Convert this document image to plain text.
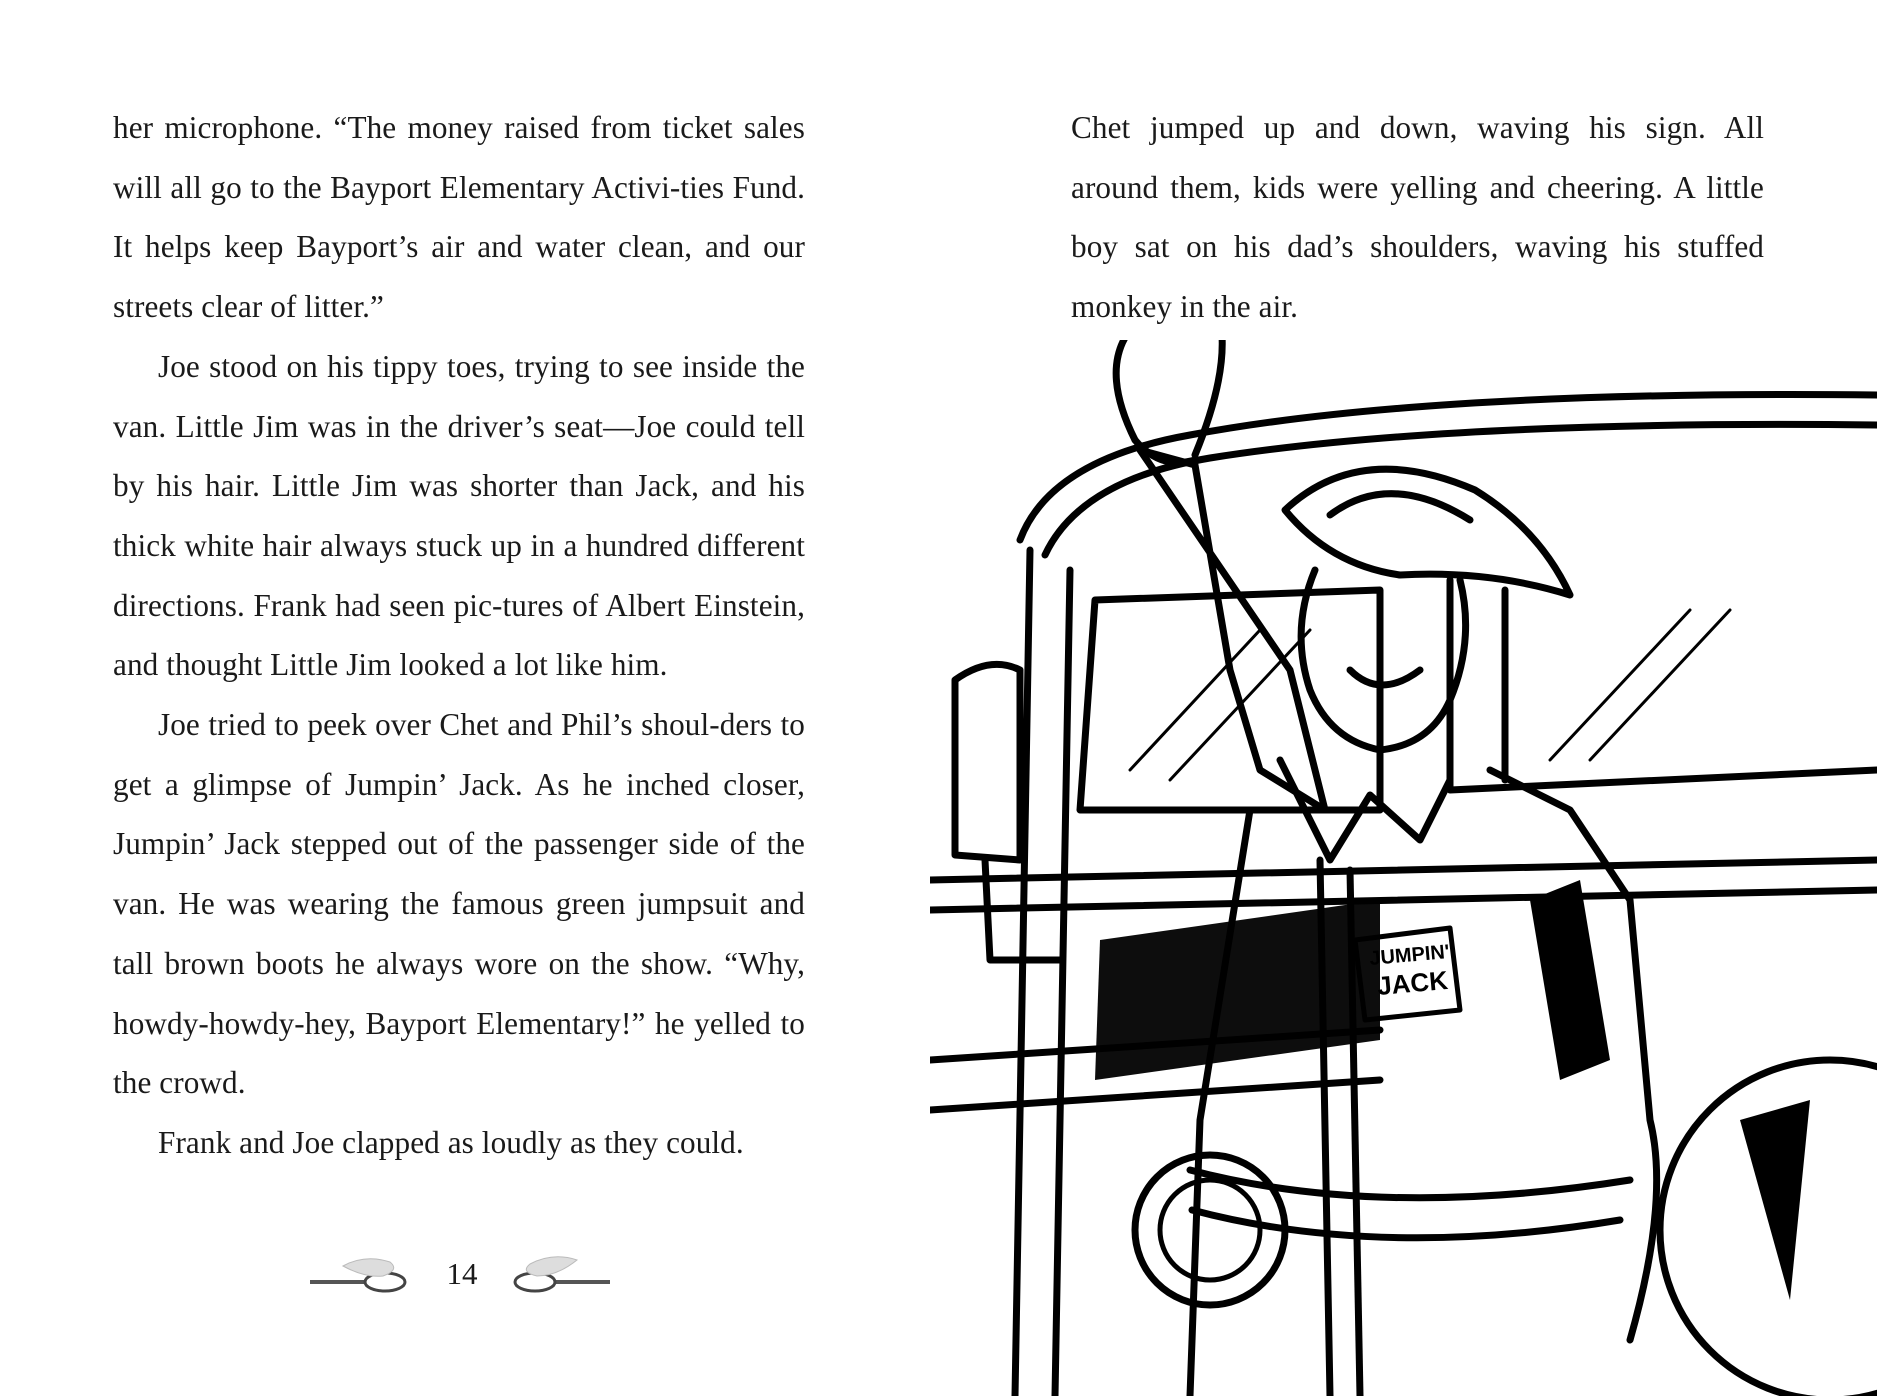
her microphone. “The money raised from ticket sales will all go to the Bayport Elementary Activi-ties Fund. It helps keep Bayport’s air and water clean, and our streets clear of litter.”

Joe stood on his tippy toes, trying to see inside the van. Little Jim was in the driver’s seat—Joe could tell by his hair. Little Jim was shorter than Jack, and his thick white hair always stuck up in a hundred different directions. Frank had seen pic-tures of Albert Einstein, and thought Little Jim looked a lot like him.

Joe tried to peek over Chet and Phil’s shoul-ders to get a glimpse of Jumpin’ Jack. As he inched closer, Jumpin’ Jack stepped out of the passenger side of the van. He was wearing the famous green jumpsuit and tall brown boots he always wore on the show. “Why, howdy-howdy-hey, Bayport Elementary!” he yelled to the crowd.

Frank and Joe clapped as loudly as they could.

14

Chet jumped up and down, waving his sign. All around them, kids were yelling and cheering. A little boy sat on his dad’s shoulders, waving his stuffed monkey in the air.

JUMPIN'
JACK
